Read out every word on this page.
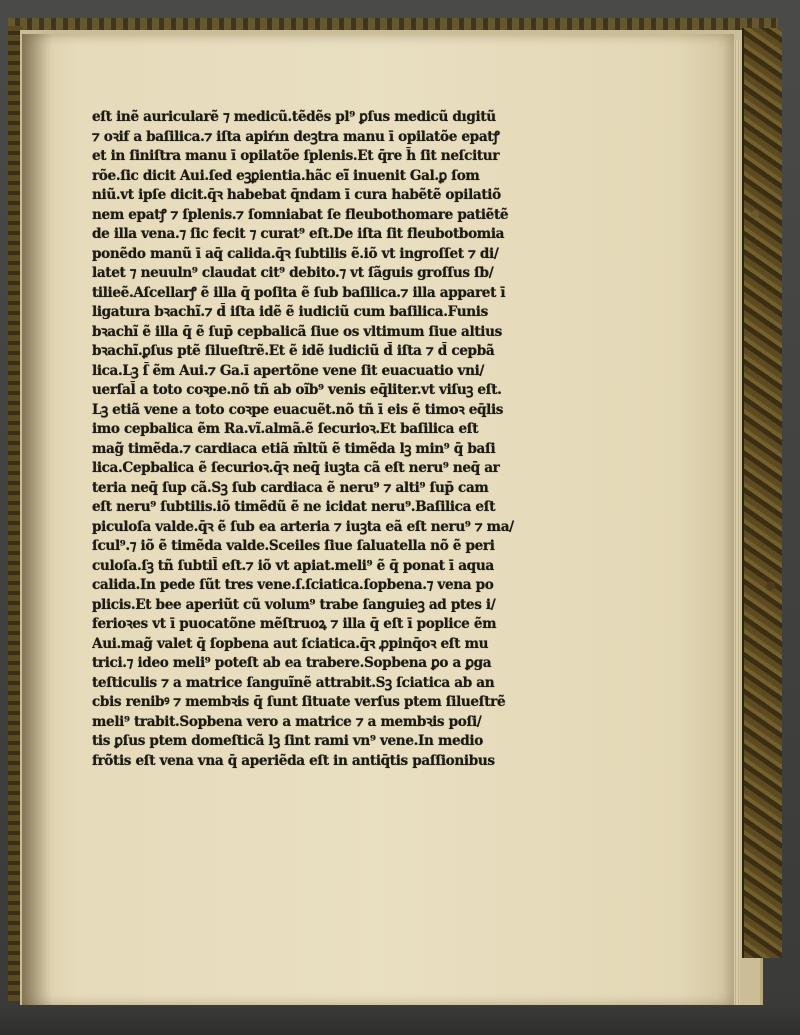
eſt inẽ auricularẽ ⁊ medicũ.tẽdẽs pl⁹ ꝑſus medicũ dıgitũ
⁊ oꝛif a baſilica.⁊ iſta apiŕın deꝫtra manu ī opilatõe epatꝭ
et in ſiniſtra manu ī opilatõe ſplenis.Et q̄re h̄ ſit neſcitur
rõe.ſic dicit Aui.ſed eꝫꝑientia.hãc eĩ̄ inuenit Gal.ꝑ ſom
niũ.vt ipſe dicit.q̄ꝛ habebat q̄ndam ī cura habẽtẽ opilatiõ
nem epatꝭ ⁊ ſplenis.⁊ ſomniabat ſe fleubothomare patiẽtẽ
de illa vena.⁊ ſic fecit ⁊ curat⁹ eſt.De iſta ſit fleubotbomia
ponẽdo manũ ī aq̄ calida.q̄ꝛ ſubtilis ẽ.iõ vt ingroſſet ⁊ di/
latet ⁊ neuuln⁹ claudat cit⁹ debito.⁊ vt ſãguis groſſus ſb/
tilieẽ.Aſcellarꝭ ẽ illa q̄ poſita ẽ ſub baſilica.⁊ illa apparet ī
ligatura bꝛachĩ.⁊ d̄ iſta idẽ ẽ iudiciũ cum baſilica.Funis
bꝛachĩ ẽ illa q̄ ẽ ſup̄ cepbalicã ſiue os vltimum ſiue altius
bꝛachĩ.ꝑſus ptẽ ſilueſtrẽ.Et ẽ idẽ iudiciũ d̄ iſta ⁊ d̄ cepbã
lica.Lꝫ ſ̄ ẽm Aui.⁊ Ga.ī apertõne vene ſit euacuatio vni/
uerſal̄ a toto coꝛpe.nõ tñ ab oĩb⁹ venis eq̄liter.vt viſuꝫ eſt.
Lꝫ etiã vene a toto coꝛpe euacuẽt.nõ tñ ī eis ẽ timoꝛ eq̄lis
imo cepbalica ẽm Ra.vĩ.almã.ẽ ſecurioꝛ.Et baſilica eſt
mag̃ timẽda.⁊ cardiaca etiã m̄ltũ ẽ timẽda lꝫ min⁹ q̄ baſi
lica.Cepbalica ẽ ſecurioꝛ.q̄ꝛ neq̄ iuꝫta cã eſt neru⁹ neq̄ ar
teria neq̄ ſup cã.Sꝫ ſub cardiaca ẽ neru⁹ ⁊ alti⁹ ſup̄ cam
eſt neru⁹ ſubtilis.iõ timẽdũ ẽ ne icidat neru⁹.Baſilica eſt
piculoſa valde.q̄ꝛ ẽ ſub ea arteria ⁊ iuꝫta eã eſt neru⁹ ⁊ ma/
ſcul⁹.⁊ iõ ẽ timẽda valde.Sceiles ſiue ſaluatella nõ ẽ peri
culoſa.ſꝫ tñ ſubtil̄ eſt.⁊ iõ vt apiat.meli⁹ ẽ q̄ ponat ī aqua
calida.In pede ſũt tres vene.ſ.ſciatica.ſopbena.⁊ vena po
plicis.Et bee aperiũt cũ volum⁹ trabe ſanguieꝫ ad ptes i/
ferioꝛes vt ī puocatõne mẽſtruoꝝ ⁊ illa q̄ eſt ī poplice ẽm
Aui.mag̃ valet q̄ ſopbena aut ſciatica.q̄ꝛ ꝓpinq̄oꝛ eſt mu
trici.⁊ ideo meli⁹ poteſt ab ea trabere.Sopbena ꝑo a ꝑga
teſticulis ⁊ a matrice ſanguĩnẽ attrabit.Sꝫ ſciatica ab an
cbis renibꝰ ⁊ membꝛis q̄ ſunt ſituate verſus ptem ſilueſtrẽ
meli⁹ trabit.Sopbena vero a matrice ⁊ a membꝛis poſi/
tis ꝑſus ptem domeſticã lꝫ ſint rami vn⁹ vene.In medio
frõtis eſt vena vna q̄ aperiẽda eſt in antiq̄tis paſſionibus
